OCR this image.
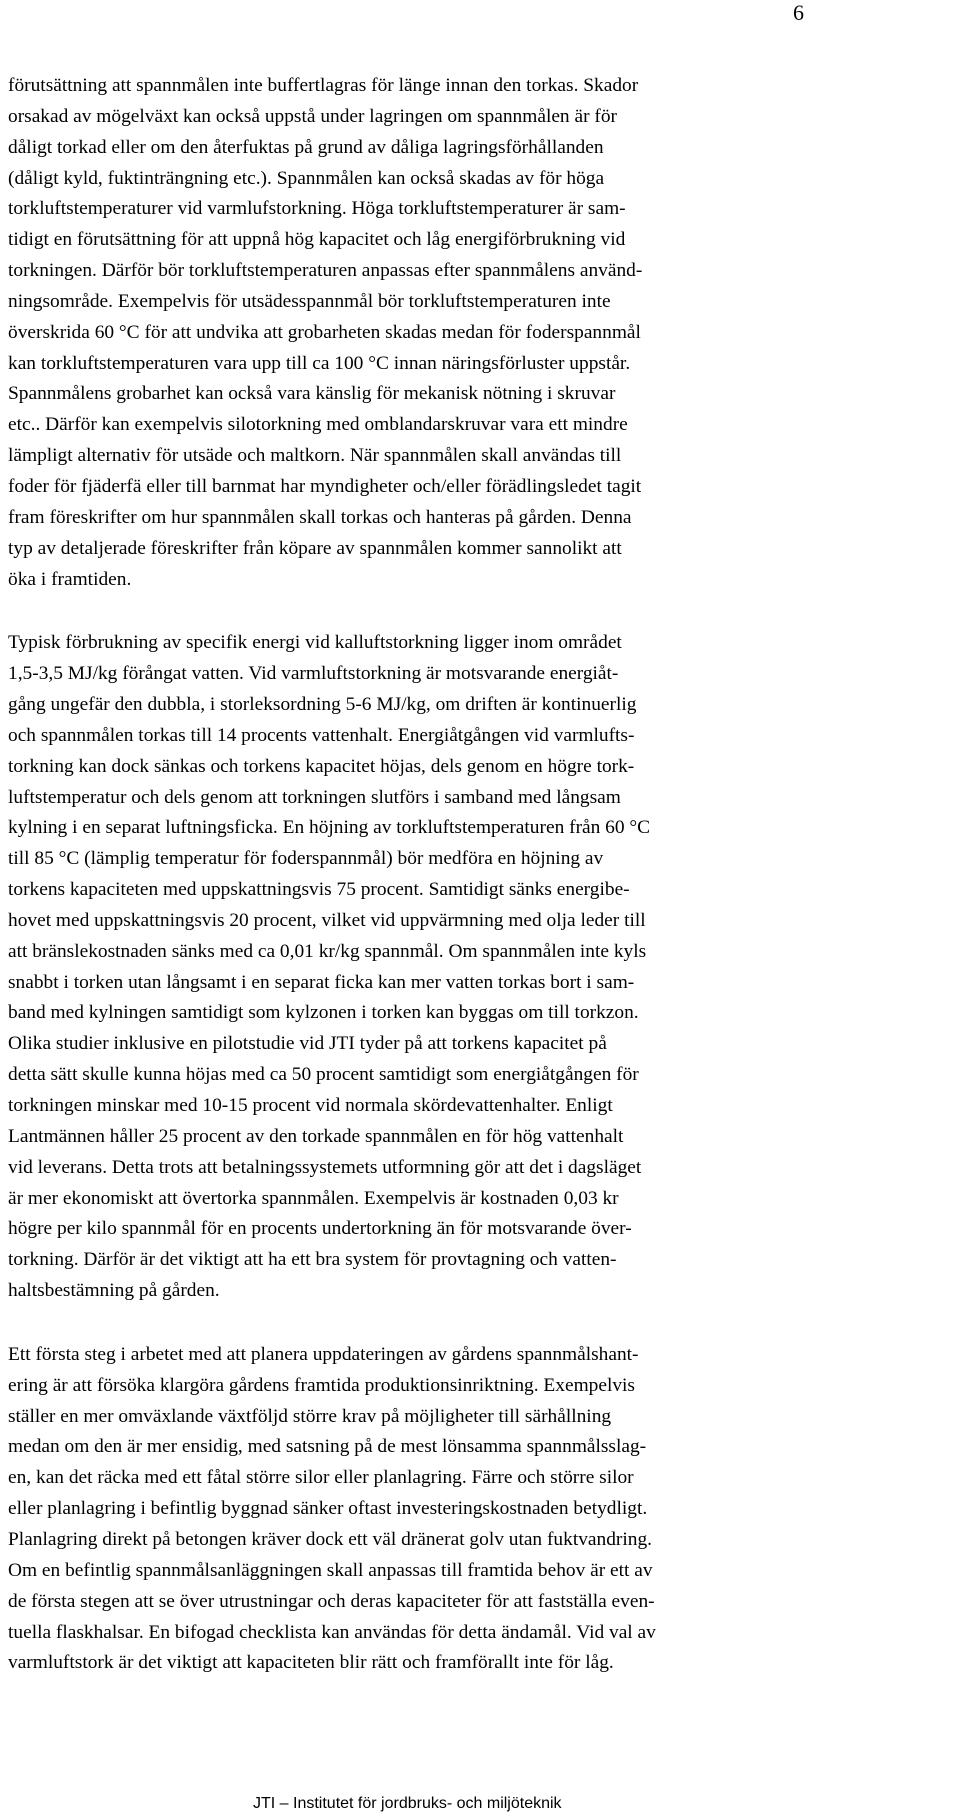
6

förutsättning att spannmålen inte buffertlagras för länge innan den torkas. Skador
orsakad av mögelväxt kan också uppstå under lagringen om spannmålen är för
dåligt torkad eller om den återfuktas på grund av dåliga lagringsförhållanden
(dåligt kyld, fuktinträngning etc.). Spannmålen kan också skadas av för höga
torkluftstemperaturer vid varmlufstorkning. Höga torkluftstemperaturer är sam-
tidigt en förutsättning för att uppnå hög kapacitet och låg energiförbrukning vid
torkningen. Därför bör torkluftstemperaturen anpassas efter spannmålens använd-
ningsområde. Exempelvis för utsädesspannmål bör torkluftstemperaturen inte
överskrida 60 °C för att undvika att grobarheten skadas medan för foderspannmål
kan torkluftstemperaturen vara upp till ca 100 °C innan näringsförluster uppstår.
Spannmålens grobarhet kan också vara känslig för mekanisk nötning i skruvar
etc.. Därför kan exempelvis silotorkning med omblandarskruvar vara ett mindre
lämpligt alternativ för utsäde och maltkorn. När spannmålen skall användas till
foder för fjäderfä eller till barnmat har myndigheter och/eller förädlingsledet tagit
fram föreskrifter om hur spannmålen skall torkas och hanteras på gården. Denna
typ av detaljerade föreskrifter från köpare av spannmålen kommer sannolikt att
öka i framtiden.

Typisk förbrukning av specifik energi vid kalluftstorkning ligger inom området
1,5-3,5 MJ/kg förångat vatten. Vid varmluftstorkning är motsvarande energiåt-
gång ungefär den dubbla, i storleksordning 5-6 MJ/kg, om driften är kontinuerlig
och spannmålen torkas till 14 procents vattenhalt. Energiåtgången vid varmlufts-
torkning kan dock sänkas och torkens kapacitet höjas, dels genom en högre tork-
luftstemperatur och dels genom att torkningen slutförs i samband med långsam
kylning i en separat luftningsficka. En höjning av torkluftstemperaturen från 60 °C
till 85 °C (lämplig temperatur för foderspannmål) bör medföra en höjning av
torkens kapaciteten med uppskattningsvis 75 procent. Samtidigt sänks energibe-
hovet med uppskattningsvis 20 procent, vilket vid uppvärmning med olja leder till
att bränslekostnaden sänks med ca 0,01 kr/kg spannmål. Om spannmålen inte kyls
snabbt i torken utan långsamt i en separat ficka kan mer vatten torkas bort i sam-
band med kylningen samtidigt som kylzonen i torken kan byggas om till torkzon.
Olika studier inklusive en pilotstudie vid JTI tyder på att torkens kapacitet på
detta sätt skulle kunna höjas med ca 50 procent samtidigt som energiåtgången för
torkningen minskar med 10-15 procent vid normala skördevattenhalter. Enligt
Lantmännen håller 25 procent av den torkade spannmålen en för hög vattenhalt
vid leverans. Detta trots att betalningssystemets utformning gör att det i dagsläget
är mer ekonomiskt att övertorka spannmålen. Exempelvis är kostnaden 0,03 kr
högre per kilo spannmål för en procents undertorkning än för motsvarande över-
torkning. Därför är det viktigt att ha ett bra system för provtagning och vatten-
haltsbestämning på gården.

Ett första steg i arbetet med att planera uppdateringen av gårdens spannmålshant-
ering är att försöka klargöra gårdens framtida produktionsinriktning. Exempelvis
ställer en mer omväxlande växtföljd större krav på möjligheter till särhållning
medan om den är mer ensidig, med satsning på de mest lönsamma spannmålsslag-
en, kan det räcka med ett fåtal större silor eller planlagring. Färre och större silor
eller planlagring i befintlig byggnad sänker oftast investeringskostnaden betydligt.
Planlagring direkt på betongen kräver dock ett väl dränerat golv utan fuktvandring.
Om en befintlig spannmålsanläggningen skall anpassas till framtida behov är ett av
de första stegen att se över utrustningar och deras kapaciteter för att fastställa even-
tuella flaskhalsar. En bifogad checklista kan användas för detta ändamål. Vid val av
varmluftstork är det viktigt att kapaciteten blir rätt och framförallt inte för låg.

JTI – Institutet för jordbruks- och miljöteknik
